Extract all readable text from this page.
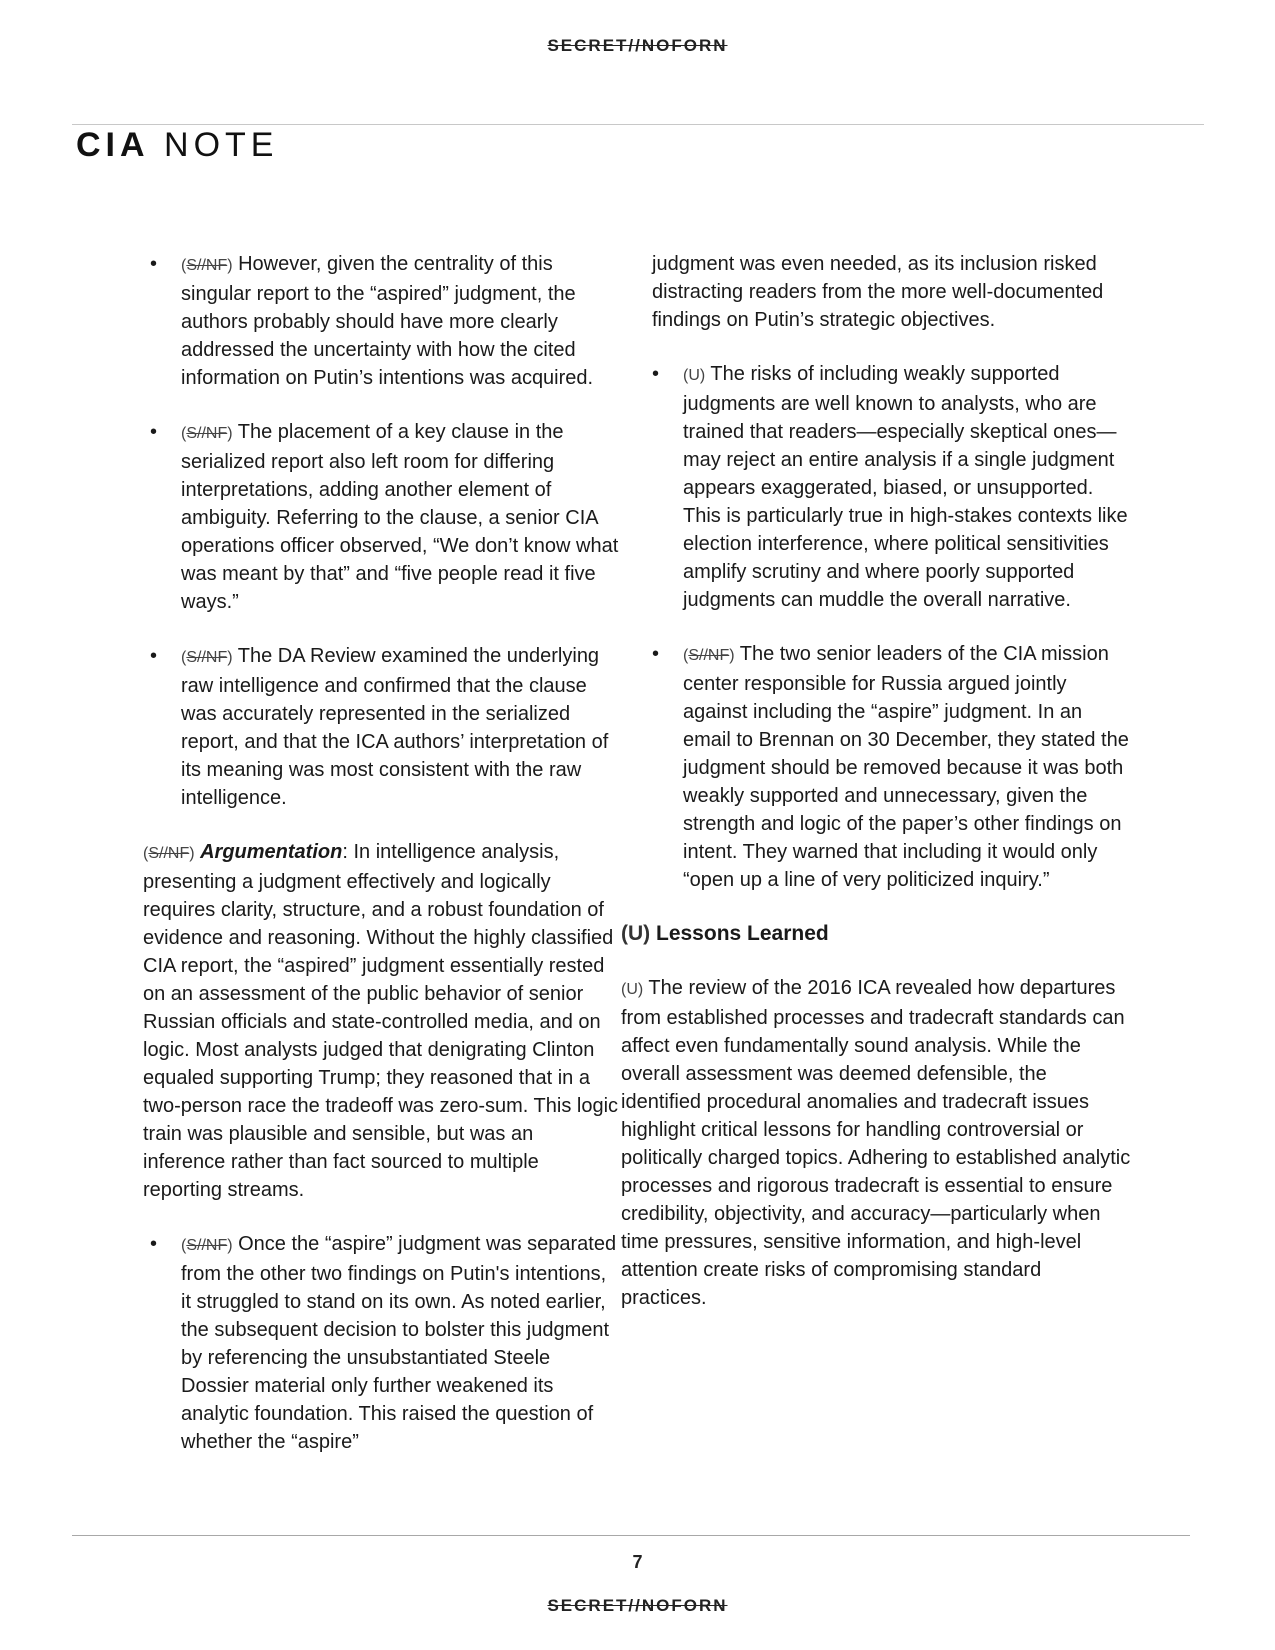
SECRET//NOFORN
CIA NOTE
• (S//NF) However, given the centrality of this singular report to the “aspired” judgment, the authors probably should have more clearly addressed the uncertainty with how the cited information on Putin’s intentions was acquired.
• (S//NF) The placement of a key clause in the serialized report also left room for differing interpretations, adding another element of ambiguity. Referring to the clause, a senior CIA operations officer observed, “We don’t know what was meant by that” and “five people read it five ways.”
• (S//NF) The DA Review examined the underlying raw intelligence and confirmed that the clause was accurately represented in the serialized report, and that the ICA authors’ interpretation of its meaning was most consistent with the raw intelligence.
(S//NF) Argumentation: In intelligence analysis, presenting a judgment effectively and logically requires clarity, structure, and a robust foundation of evidence and reasoning. Without the highly classified CIA report, the “aspired” judgment essentially rested on an assessment of the public behavior of senior Russian officials and state-controlled media, and on logic. Most analysts judged that denigrating Clinton equaled supporting Trump; they reasoned that in a two-person race the tradeoff was zero-sum. This logic train was plausible and sensible, but was an inference rather than fact sourced to multiple reporting streams.
• (S//NF) Once the “aspire” judgment was separated from the other two findings on Putin's intentions, it struggled to stand on its own. As noted earlier, the subsequent decision to bolster this judgment by referencing the unsubstantiated Steele Dossier material only further weakened its analytic foundation. This raised the question of whether the “aspire”
judgment was even needed, as its inclusion risked distracting readers from the more well-documented findings on Putin’s strategic objectives.
• (U) The risks of including weakly supported judgments are well known to analysts, who are trained that readers—especially skeptical ones—may reject an entire analysis if a single judgment appears exaggerated, biased, or unsupported. This is particularly true in high-stakes contexts like election interference, where political sensitivities amplify scrutiny and where poorly supported judgments can muddle the overall narrative.
• (S//NF) The two senior leaders of the CIA mission center responsible for Russia argued jointly against including the “aspire” judgment. In an email to Brennan on 30 December, they stated the judgment should be removed because it was both weakly supported and unnecessary, given the strength and logic of the paper’s other findings on intent. They warned that including it would only “open up a line of very politicized inquiry.”
(U) Lessons Learned
(U) The review of the 2016 ICA revealed how departures from established processes and tradecraft standards can affect even fundamentally sound analysis. While the overall assessment was deemed defensible, the identified procedural anomalies and tradecraft issues highlight critical lessons for handling controversial or politically charged topics. Adhering to established analytic processes and rigorous tradecraft is essential to ensure credibility, objectivity, and accuracy—particularly when time pressures, sensitive information, and high-level attention create risks of compromising standard practices.
7
SECRET//NOFORN
